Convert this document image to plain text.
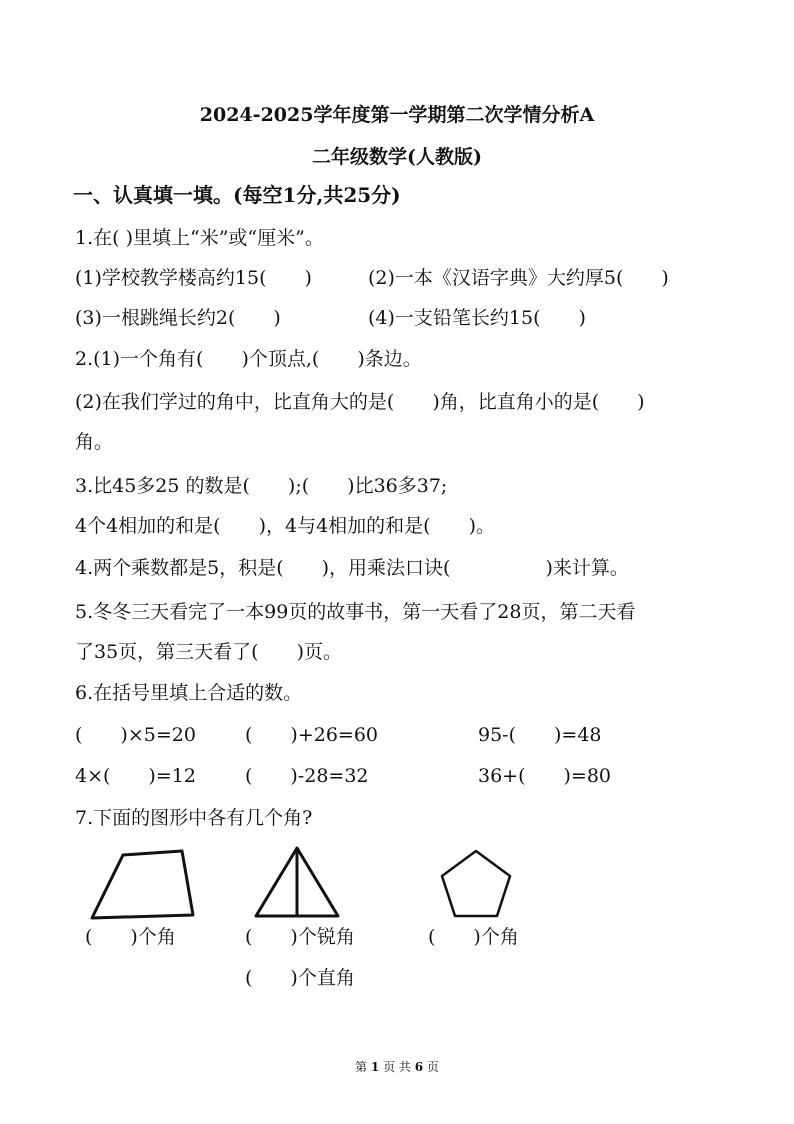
2024-2025学年度第一学期第二次学情分析A
二年级数学(人教版)
一、认真填一填。(每空1分,共25分)
1.在( )里填上“米”或“厘米”。
(1)学校教学楼高约15(　　)	(2)一本《汉语字典》大约厚5(　　)
(3)一根跳绳长约2(　　)	(4)一支铅笔长约15(　　)
2.(1)一个角有(　　)个顶点,(　　)条边。
(2)在我们学过的角中，比直角大的是(　　)角，比直角小的是(　　)
角。
3.比45多25 的数是(　　);(　　)比36多37;
4个4相加的和是(　　)，4与4相加的和是(　　)。
4.两个乘数都是5，积是(　　)，用乘法口诀(　　　　　)来计算。
5.冬冬三天看完了一本99页的故事书，第一天看了28页，第二天看
了35页，第三天看了(　　)页。
6.在括号里填上合适的数。
(　　)×5=20	(　　)+26=60	95-(　　)=48
4×(　　)=12	(　　)-28=32	36+(　　)=80
7.下面的图形中各有几个角?
(　　)个角	(　　)个锐角	(　　)个角
(　　)个直角
第 1 页 共 6 页
